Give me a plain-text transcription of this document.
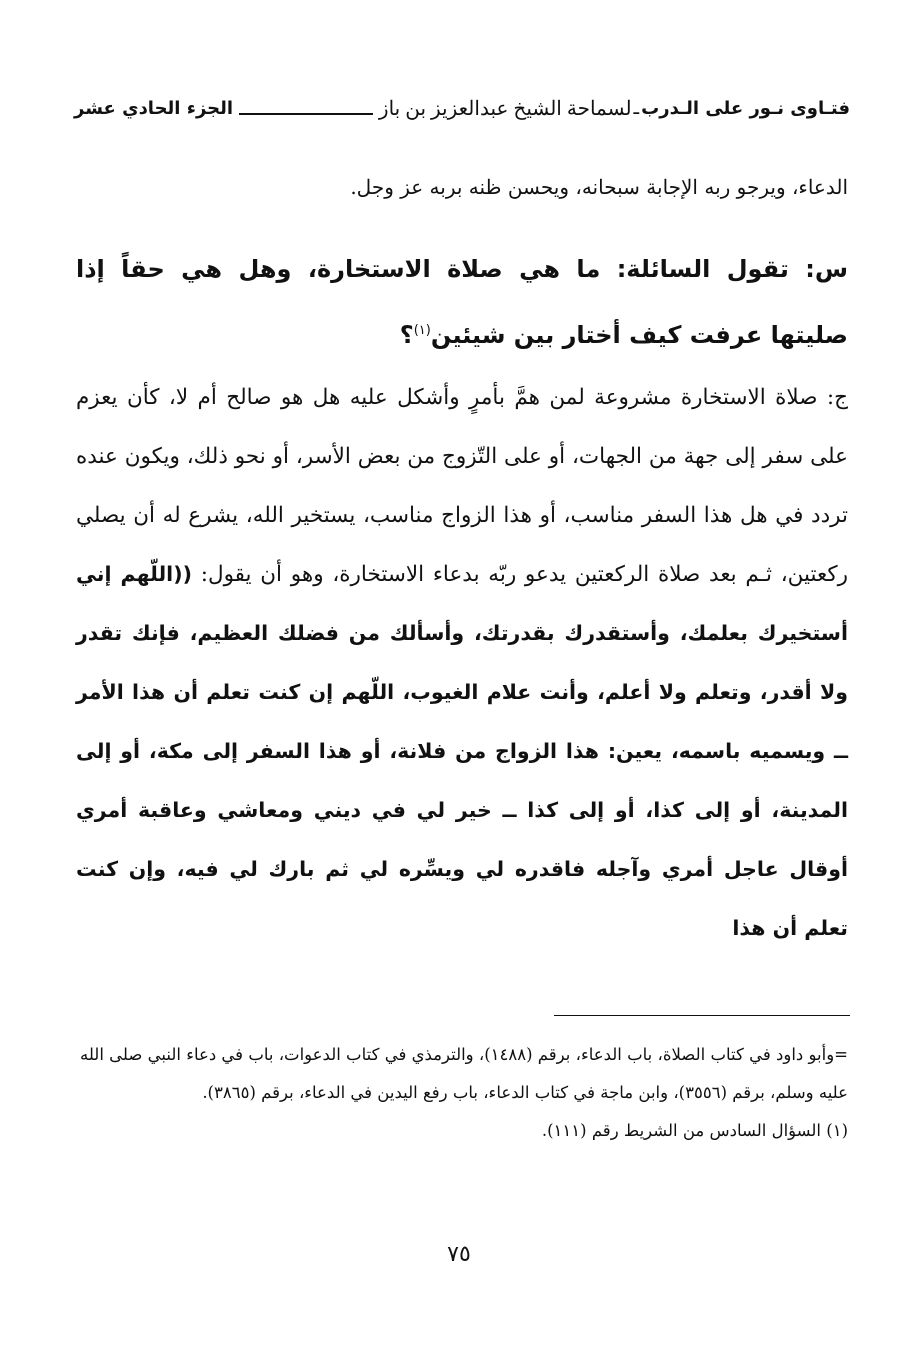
فتـاوى نـور على الـدرب
ـ
لسماحة الشيخ عبدالعزيز بن باز
الجزء الحادي عشر

الدعاء، ويرجو ربه الإجابة سبحانه، ويحسن ظنه بربه عز وجل.

س: تقول السائلة: ما هي صلاة الاستخارة، وهل هي حقاً إذا صليتها عرفت كيف أختار بين شيئين$^{(١)}$؟

ج: صلاة الاستخارة مشروعة لمن همَّ بأمرٍ وأشكل عليه هل هو صالح أم لا، كأن يعزم على سفر إلى جهة من الجهات، أو على التّزوج من بعض الأسر، أو نحو ذلك، ويكون عنده تردد في هل هذا السفر مناسب، أو هذا الزواج مناسب، يستخير الله، يشرع له أن يصلي ركعتين، ثـم بعد صلاة الركعتين يدعو ربّه بدعاء الاستخارة، وهو أن يقول: ((اللّهم إني أستخيرك بعلمك، وأستقدرك بقدرتك، وأسألك من فضلك العظيم، فإنك تقدر ولا أقدر، وتعلم ولا أعلم، وأنت علام الغيوب، اللّهم إن كنت تعلم أن هذا الأمر ــ ويسميه باسمه، يعين: هذا الزواج من فلانة، أو هذا السفر إلى مكة، أو إلى المدينة، أو إلى كذا، أو إلى كذا ــ خير لي في ديني ومعاشي وعاقبة أمري أوقال عاجل أمري وآجله فاقدره لي ويسِّره لي ثم بارك لي فيه، وإن كنت تعلم أن هذا

=وأبو داود في كتاب الصلاة، باب الدعاء، برقم (١٤٨٨)، والترمذي في كتاب الدعوات، باب في دعاء النبي صلى الله عليه وسلم، برقم (٣٥٥٦)، وابن ماجة في كتاب الدعاء، باب رفع اليدين في الدعاء، برقم (٣٨٦٥).

(١) السؤال السادس من الشريط رقم (١١١).

٧٥
